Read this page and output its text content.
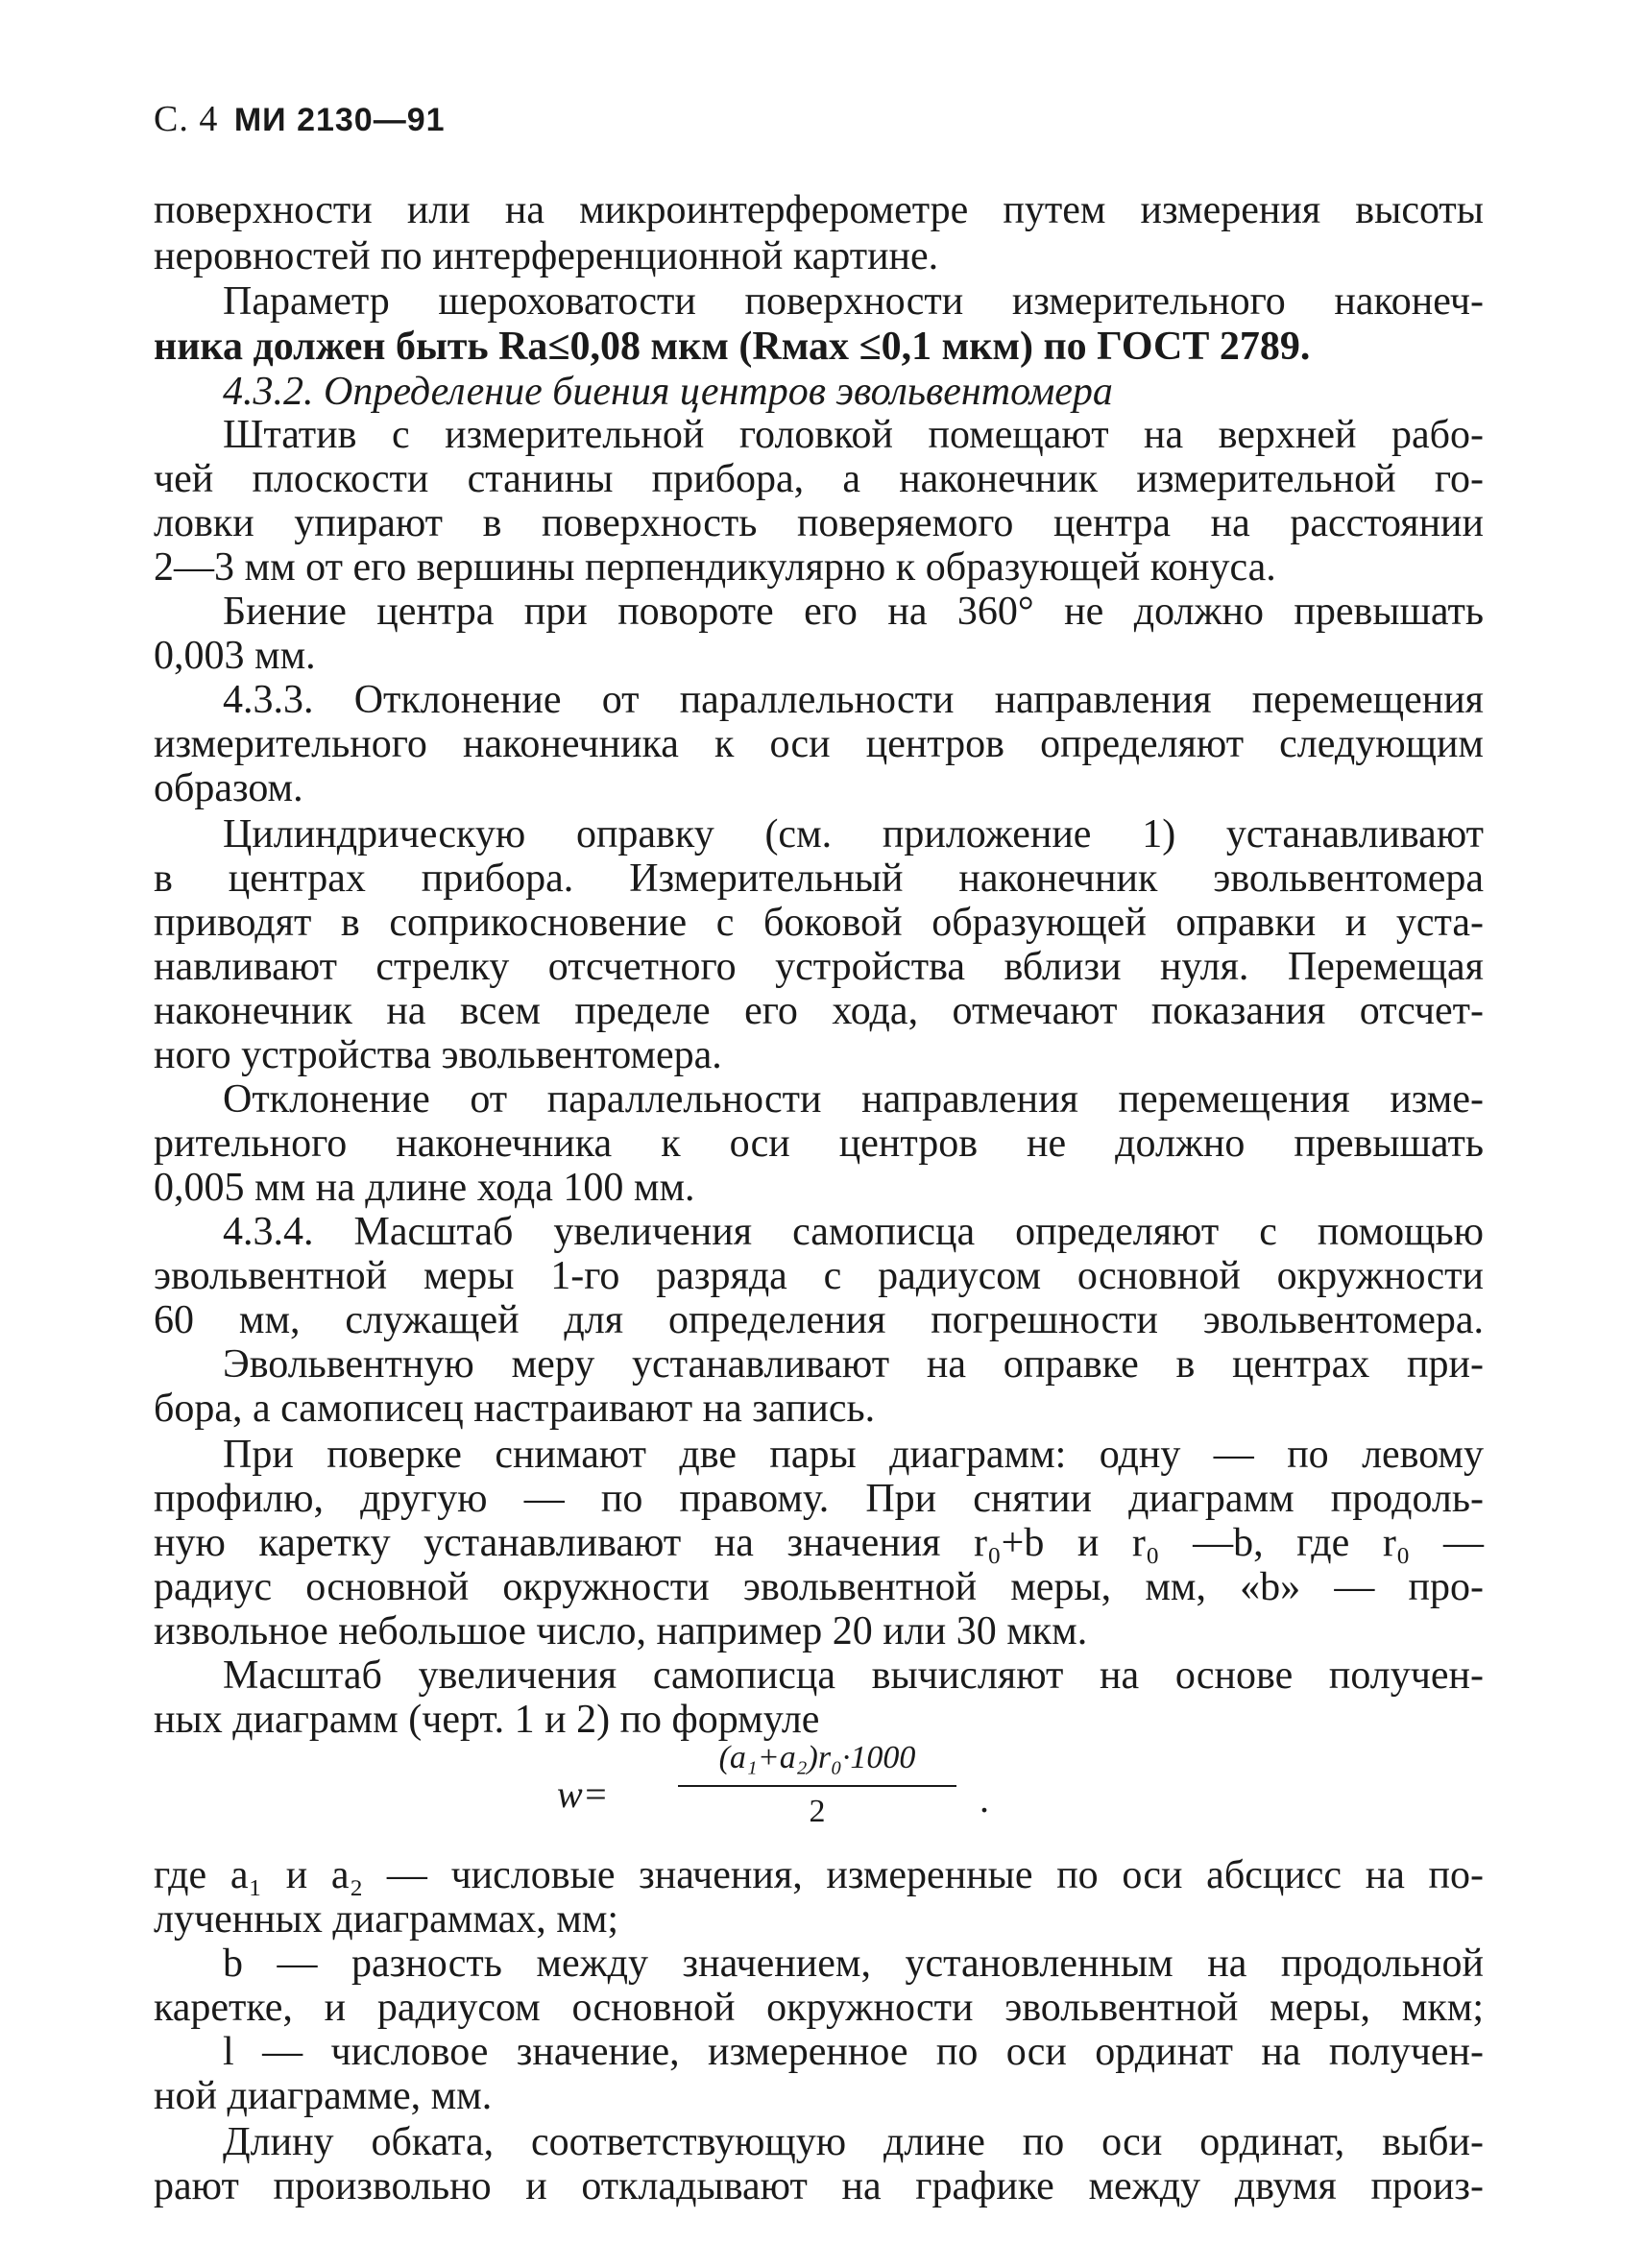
С. 4 МИ 2130—91
поверхности или на микроинтерферометре путем измерения высоты
неровностей по интерференционной картине.
Параметр шероховатости поверхности измерительного наконеч-
ника должен быть Ra≤0,08 мкм (Rмах ≤0,1 мкм) по ГОСТ 2789.
4.3.2. Определение биения центров эвольвентомера
Штатив с измерительной головкой помещают на верхней рабо-
чей плоскости станины прибора, а наконечник измерительной го-
ловки упирают в поверхность поверяемого центра на расстоянии
2—3 мм от его вершины перпендикулярно к образующей конуса.
Биение центра при повороте его на 360° не должно превышать
0,003 мм.
4.3.3. Отклонение от параллельности направления перемещения
измерительного наконечника к оси центров определяют следующим
образом.
Цилиндрическую оправку (см. приложение 1) устанавливают
в центрах прибора. Измерительный наконечник эвольвентомера
приводят в соприкосновение с боковой образующей оправки и уста-
навливают стрелку отсчетного устройства вблизи нуля. Перемещая
наконечник на всем пределе его хода, отмечают показания отсчет-
ного устройства эвольвентомера.
Отклонение от параллельности направления перемещения изме-
рительного наконечника к оси центров не должно превышать
0,005 мм на длине хода 100 мм.
4.3.4. Масштаб увеличения самописца определяют с помощью
эвольвентной меры 1-го разряда с радиусом основной окружности
60 мм, служащей для определения погрешности эвольвентомера.
Эвольвентную меру устанавливают на оправке в центрах при-
бора, а самописец настраивают на запись.
При поверке снимают две пары диаграмм: одну — по левому
профилю, другую — по правому. При снятии диаграмм продоль-
ную каретку устанавливают на значения r₀+b и r₀ —b, где r₀ —
радиус основной окружности эвольвентной меры, мм, «b» — про-
извольное небольшое число, например 20 или 30 мкм.
Масштаб увеличения самописца вычисляют на основе получен-
ных диаграмм (черт. 1 и 2) по формуле
w=
(a₁+a₂)r₀·1000
2	.
где a₁ и a₂ — числовые значения, измеренные по оси абсцисс на по-
лученных диаграммах, мм;
b — разность между значением, установленным на продольной
каретке, и радиусом основной окружности эвольвентной меры, мкм;
l — числовое значение, измеренное по оси ординат на получен-
ной диаграмме, мм.
Длину обката, соответствующую длине по оси ординат, выби-
рают произвольно и откладывают на графике между двумя произ-
